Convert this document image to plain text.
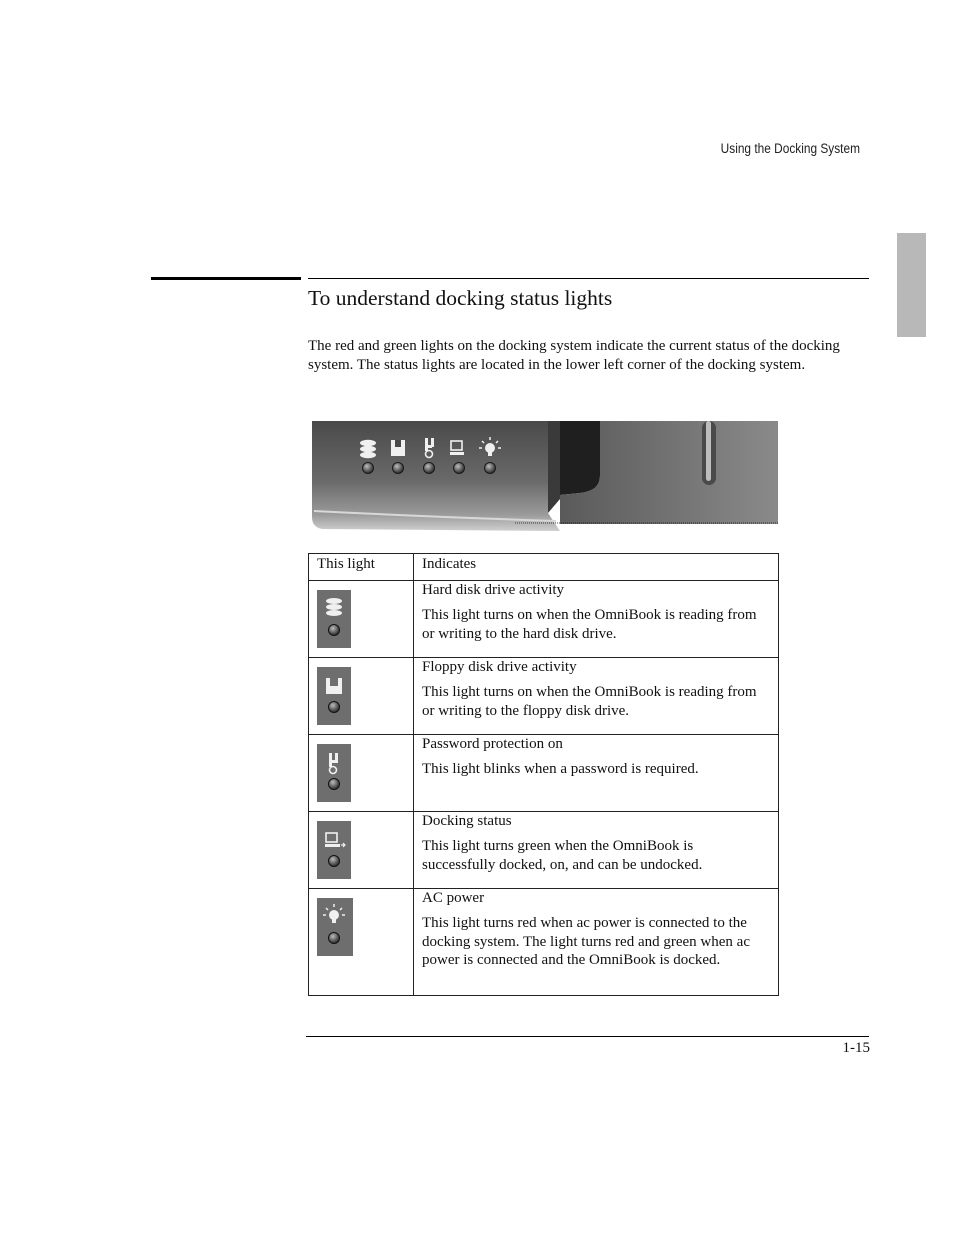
Using the Docking System
To understand docking status lights

The red and green lights on the docking system indicate the current status of the docking system. The status lights are located in the lower left corner of the docking system.

This light	Indicates

Hard disk drive activity
This light turns on when the OmniBook is reading from or writing to the hard disk drive.

Floppy disk drive activity
This light turns on when the OmniBook is reading from or writing to the floppy disk drive.

Password protection on
This light blinks when a password is required.

Docking status
This light turns green when the OmniBook is successfully docked, on, and can be undocked.

AC power
This light turns red when ac power is connected to the docking system. The light turns red and green when ac power is connected and the OmniBook is docked.
1-15
